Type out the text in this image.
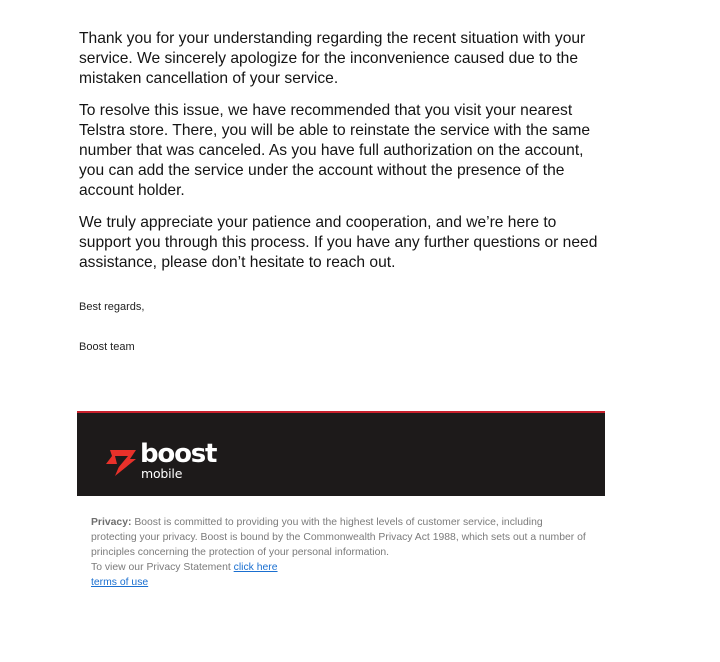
Thank you for your understanding regarding the recent situation with your service. We sincerely apologize for the inconvenience caused due to the mistaken cancellation of your service.

To resolve this issue, we have recommended that you visit your nearest Telstra store. There, you will be able to reinstate the service with the same number that was canceled. As you have full authorization on the account, you can add the service under the account without the presence of the account holder.

We truly appreciate your patience and cooperation, and we’re here to support you through this process. If you have any further questions or need assistance, please don’t hesitate to reach out.

Best regards,

Boost team

boost
mobile

Privacy: Boost is committed to providing you with the highest levels of customer service, including protecting your privacy. Boost is bound by the Commonwealth Privacy Act 1988, which sets out a number of principles concerning the protection of your personal information.

To view our Privacy Statement click here

terms of use
